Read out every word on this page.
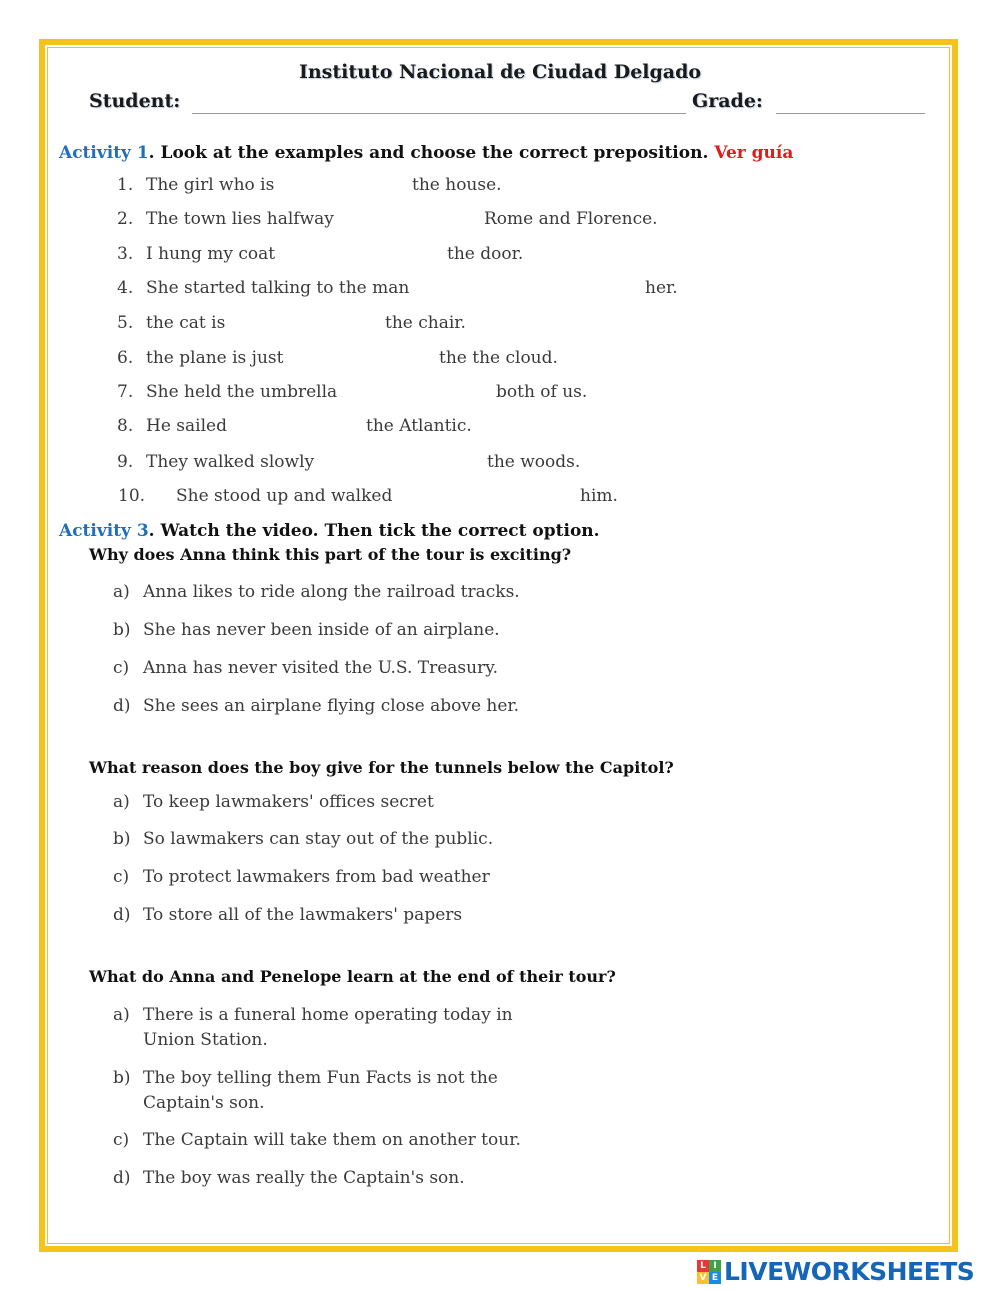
Instituto Nacional de Ciudad Delgado
Student:	Grade:
Activity 1. Look at the examples and choose the correct preposition. Ver guía
1. The girl who is	the house.
2. The town lies halfway	Rome and Florence.
3. I hung my coat	the door.
4. She started talking to the man	her.
5. the cat is	the chair.
6. the plane is just	the the cloud.
7. She held the umbrella	both of us.
8. He sailed	the Atlantic.
9. They walked slowly	the woods.
10. She stood up and walked	him.
Activity 3. Watch the video. Then tick the correct option.
Why does Anna think this part of the tour is exciting?
a) Anna likes to ride along the railroad tracks.
b) She has never been inside of an airplane.
c) Anna has never visited the U.S. Treasury.
d) She sees an airplane flying close above her.
What reason does the boy give for the tunnels below the Capitol?
a) To keep lawmakers' offices secret
b) So lawmakers can stay out of the public.
c) To protect lawmakers from bad weather
d) To store all of the lawmakers' papers
What do Anna and Penelope learn at the end of their tour?
a) There is a funeral home operating today in
Union Station.
b) The boy telling them Fun Facts is not the
Captain's son.
c) The Captain will take them on another tour.
d) The boy was really the Captain's son.
L I
V E LIVEWORKSHEETS
